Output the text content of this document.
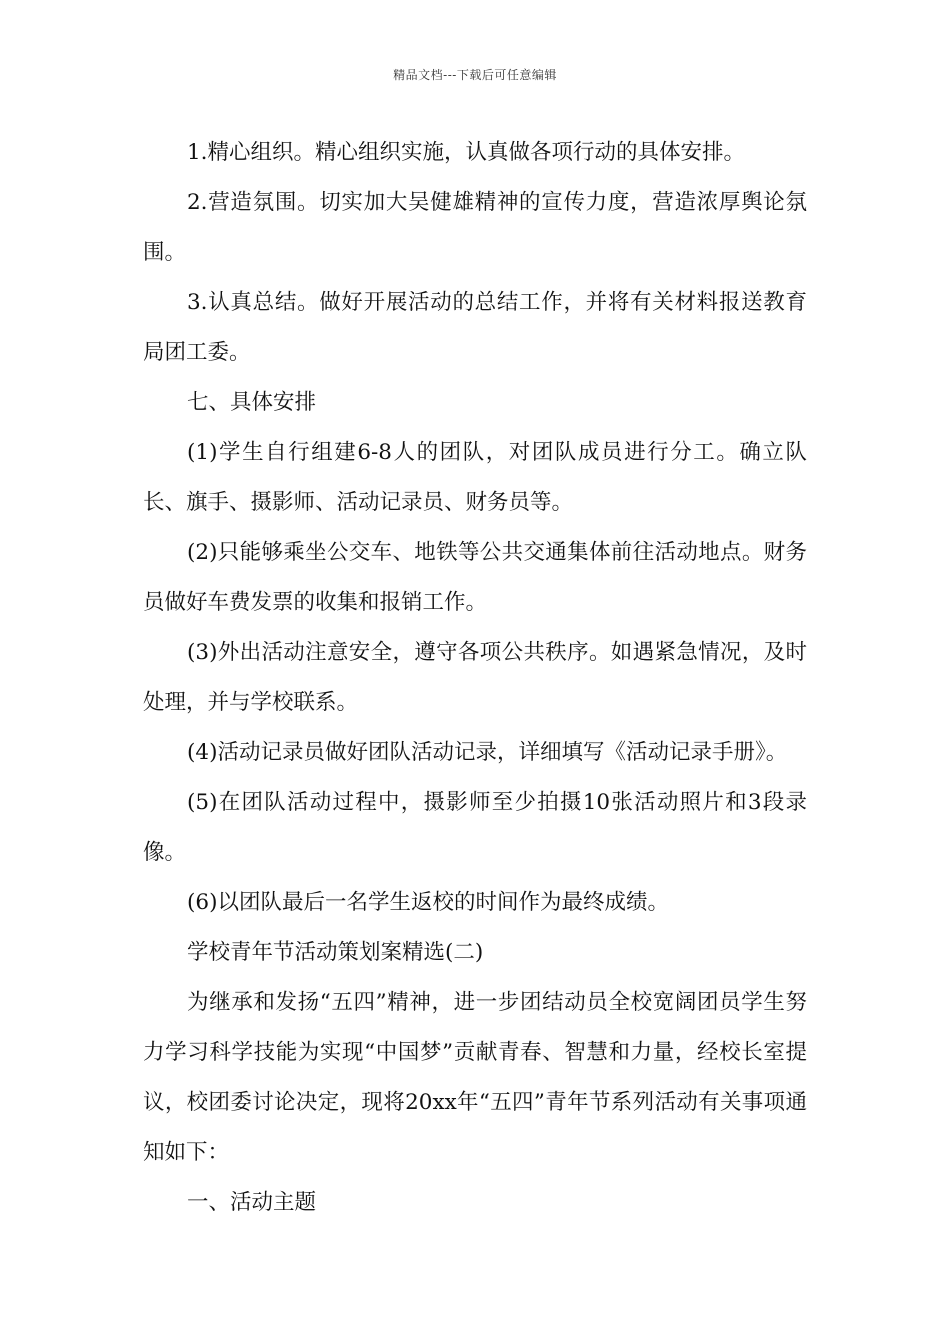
精品文档---下载后可任意编辑

1.精心组织。精心组织实施，认真做各项行动的具体安排。

2.营造氛围。切实加大吴健雄精神的宣传力度，营造浓厚舆论氛围。

3.认真总结。做好开展活动的总结工作，并将有关材料报送教育局团工委。

七、具体安排

(1)学生自行组建6-8人的团队，对团队成员进行分工。确立队长、旗手、摄影师、活动记录员、财务员等。

(2)只能够乘坐公交车、地铁等公共交通集体前往活动地点。财务员做好车费发票的收集和报销工作。

(3)外出活动注意安全，遵守各项公共秩序。如遇紧急情况，及时处理，并与学校联系。

(4)活动记录员做好团队活动记录，详细填写《活动记录手册》。

(5)在团队活动过程中，摄影师至少拍摄10张活动照片和3段录像。

(6)以团队最后一名学生返校的时间作为最终成绩。

学校青年节活动策划案精选(二)

为继承和发扬“五四”精神，进一步团结动员全校宽阔团员学生努力学习科学技能为实现“中国梦”贡献青春、智慧和力量，经校长室提议，校团委讨论决定，现将20xx年“五四”青年节系列活动有关事项通知如下：

一、活动主题
